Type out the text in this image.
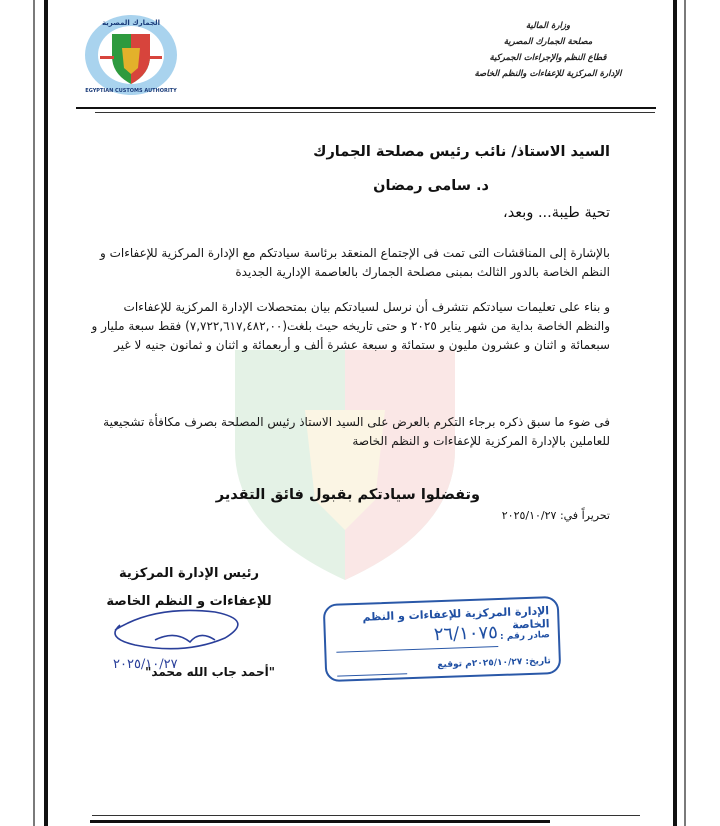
الجمارك المصرية
EGYPTIAN CUSTOMS AUTHORITY
وزارة المالية
مصلحة الجمارك المصرية
قطاع النظم والإجراءات الجمركية
الإدارة المركزية للإعفاءات والنظم الخاصة
السيد الاستاذ/ نائب رئيس مصلحة الجمارك
د. سامى رمضان
تحية طيبة... وبعد،
بالإشارة إلى المناقشات التى تمت فى الإجتماع المنعقد برئاسة سيادتكم مع الإدارة المركزية للإعفاءات و النظم الخاصة بالدور الثالث بمبنى مصلحة الجمارك بالعاصمة الإدارية الجديدة
و بناء على تعليمات سيادتكم نتشرف أن نرسل لسيادتكم بيان بمتحصلات الإدارة المركزية للإعفاءات والنظم الخاصة بداية من شهر يناير ٢٠٢٥ و حتى تاريخه حيث بلغت(٧,٧٢٢,٦١٧,٤٨٢,٠٠) فقط سبعة مليار و سبعمائة و اثنان و عشرون مليون و ستمائة و سبعة عشرة ألف و أربعمائة و اثنان و ثمانون جنيه لا غير
فى ضوء ما سبق ذكره برجاء التكرم بالعرض على السيد الاستاذ رئيس المصلحة بصرف مكافأة تشجيعية للعاملين بالإدارة المركزية للإعفاءات و النظم الخاصة
وتفضلوا سيادتكم بقبول فائق التقدير
تحريراً في: ٢٠٢٥/١٠/٢٧
رئيس الإدارة المركزية
للإعفاءات و النظم الخاصة
٢٠٢٥/١٠/٢٧
"أحمد جاب الله محمد"
الإدارة المركزية للإعفاءات و النظم الخاصة
صادر رقم :
٢٦/١٠٧٥
تاريخ: ٢٠٢٥/١٠/٢٧م توقيع
